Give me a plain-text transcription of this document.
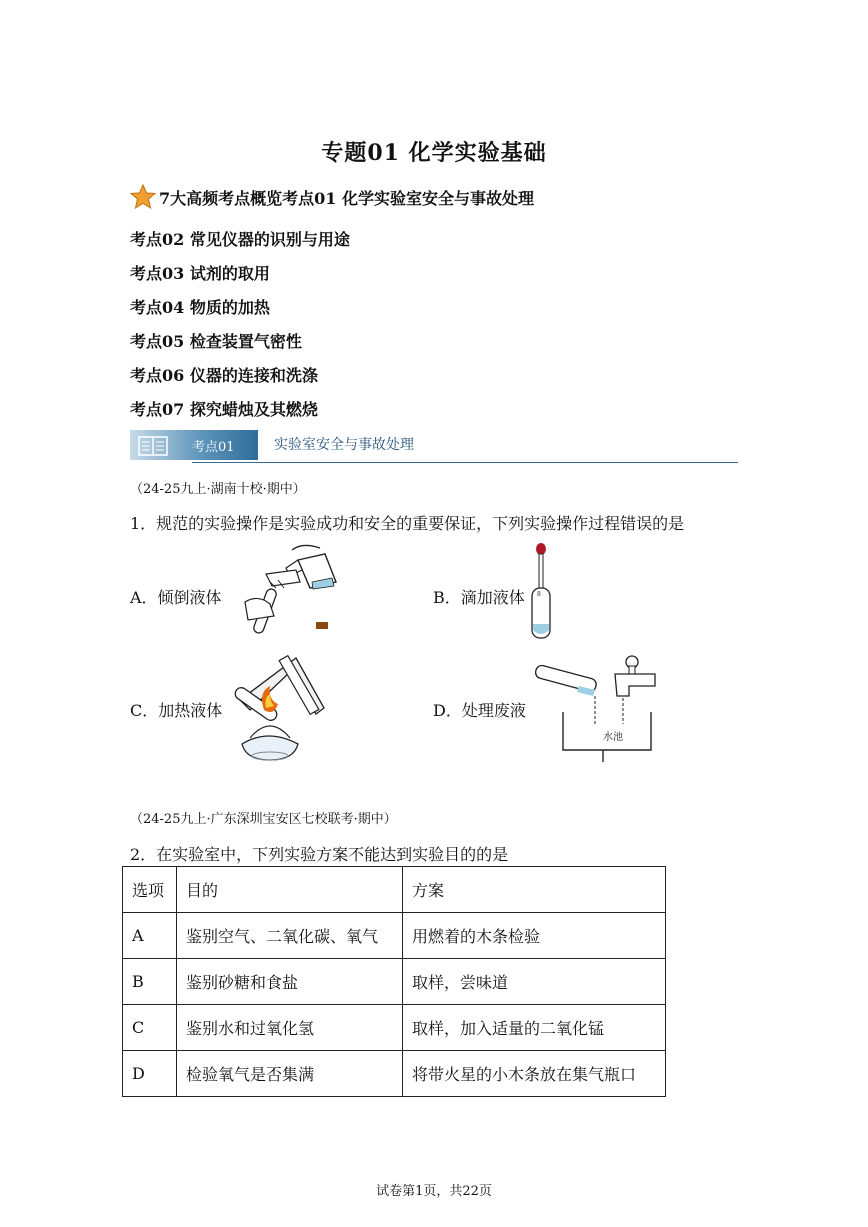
专题01 化学实验基础
7大高频考点概览 考点01 化学实验室安全与事故处理
考点02 常见仪器的识别与用途
考点03 试剂的取用
考点04 物质的加热
考点05 检查装置气密性
考点06 仪器的连接和洗涤
考点07 探究蜡烛及其燃烧
考点01	实验室安全与事故处理
（24-25九上·湖南十校·期中）
1．规范的实验操作是实验成功和安全的重要保证，下列实验操作过程错误的是
A．倾倒液体	B．滴加液体 8
C．加热液体	D．处理废液
水池
（24-25九上·广东深圳宝安区七校联考·期中）
2．在实验室中，下列实验方案不能达到实验目的的是
选项	目的	方案
A	鉴别空气、二氧化碳、氧气	用燃着的木条检验
B	鉴别砂糖和食盐	取样，尝味道
C	鉴别水和过氧化氢	取样，加入适量的二氧化锰
D	检验氧气是否集满	将带火星的小木条放在集气瓶口
试卷第1页，共22页
